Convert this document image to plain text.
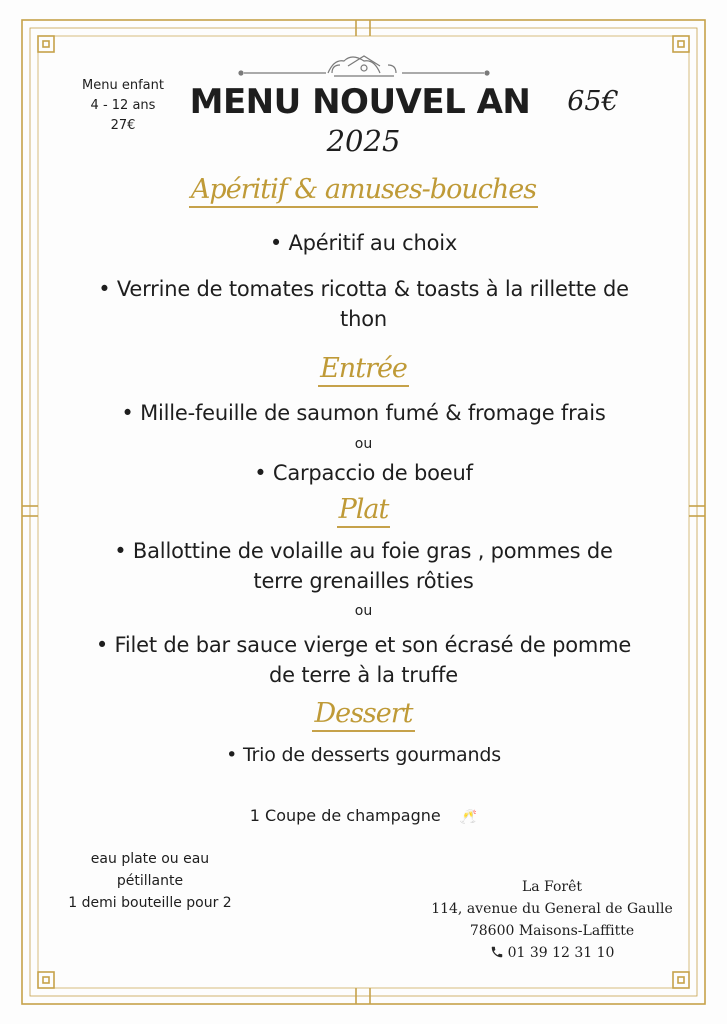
Menu enfant
4 - 12 ans
27€
MENU NOUVEL AN	65€
2025
Apéritif & amuses-bouches
• Apéritif au choix
• Verrine de tomates ricotta & toasts à la rillette de
thon
Entrée
• Mille-feuille de saumon fumé & fromage frais
ou
• Carpaccio de boeuf
Plat
• Ballottine de volaille au foie gras , pommes de
terre grenailles rôties
ou
• Filet de bar sauce vierge et son écrasé de pomme
de terre à la truffe
Dessert
• Trio de desserts gourmands
1 Coupe de champagne 🥂
eau plate ou eau
pétillante
1 demi bouteille pour 2
La Forêt
114, avenue du General de Gaulle
78600 Maisons-Laffitte
01 39 12 31 10
